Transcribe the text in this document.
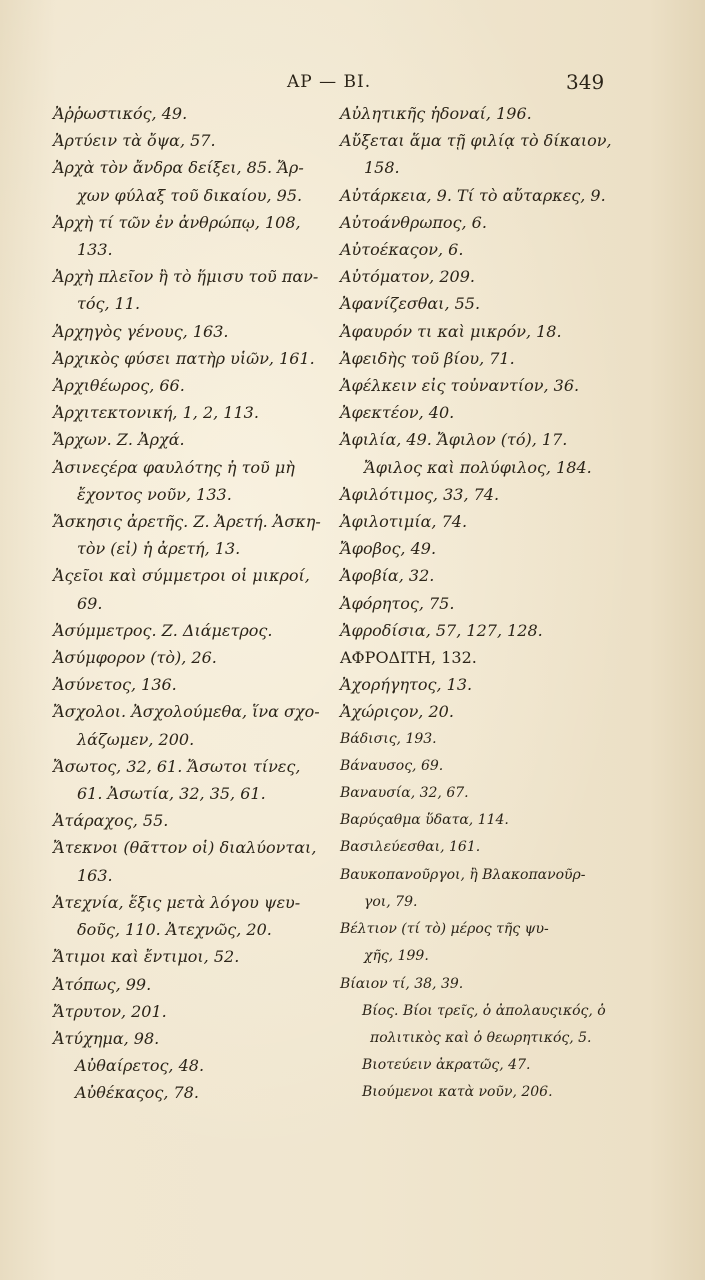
ΑΡ — ΒΙ.	349
Ἀῤῥωστικός, 49.
Ἀρτύειν τὰ ὄψα, 57.
Ἀρχὰ τὸν ἄνδρα δείξει, 85. Ἄρ-
χων φύλαξ τοῦ δικαίου, 95.
Ἀρχὴ τί τῶν ἐν ἀνθρώπῳ, 108,
133.
Ἀρχὴ πλεῖον ἢ τὸ ἥμισυ τοῦ παν-
τός, 11.
Ἀρχηγὸς γένους, 163.
Ἀρχικὸς φύσει πατὴρ υἱῶν, 161.
Ἀρχιθέωρος, 66.
Ἀρχιτεκτονική, 1, 2, 113.
Ἄρχων. Ζ. Ἀρχά.
Ἀσινεςέρα φαυλότης ἡ τοῦ μὴ
ἔχοντος νοῦν, 133.
Ἄσκησις ἀρετῆς. Ζ. Ἀρετή. Ἀσκη-
τὸν (εἰ) ἡ ἀρετή, 13.
Ἀςεῖοι καὶ σύμμετροι οἱ μικροί,
69.
Ἀσύμμετρος. Ζ. Διάμετρος.
Ἀσύμφορον (τὸ), 26.
Ἀσύνετος, 136.
Ἄσχολοι. Ἀσχολούμεθα, ἵνα σχο-
λάζωμεν, 200.
Ἄσωτος, 32, 61. Ἄσωτοι τίνες,
61. Ἀσωτία, 32, 35, 61.
Ἀτάραχος, 55.
Ἄτεκνοι (θᾶττον οἱ) διαλύονται,
163.
Ἀτεχνία, ἕξις μετὰ λόγου ψευ-
δοῦς, 110. Ἀτεχνῶς, 20.
Ἄτιμοι καὶ ἔντιμοι, 52.
Ἀτόπως, 99.
Ἄτρυτον, 201.
Ἀτύχημα, 98.
Αὐθαίρετος, 48.
Αὐθέκαςος, 78.
Αὐλητικῆς ἡδοναί, 196.
Αὔξεται ἅμα τῇ φιλίᾳ τὸ δίκαιον,
158.
Αὐτάρκεια, 9. Τί τὸ αὔταρκες, 9.
Αὐτοάνθρωπος, 6.
Αὐτοέκαςον, 6.
Αὐτόματον, 209.
Ἀφανίζεσθαι, 55.
Ἀφαυρόν τι καὶ μικρόν, 18.
Ἀφειδὴς τοῦ βίου, 71.
Ἀφέλκειν εἰς τοὐναντίον, 36.
Ἀφεκτέον, 40.
Ἀφιλία, 49. Ἄφιλον (τό), 17.
Ἄφιλος καὶ πολύφιλος, 184.
Ἀφιλότιμος, 33, 74.
Ἀφιλοτιμία, 74.
Ἄφοβος, 49.
Ἀφοβία, 32.
Ἀφόρητος, 75.
Ἀφροδίσια, 57, 127, 128.
ΑΦΡΟΔΙΤΗ, 132.
Ἀχορήγητος, 13.
Ἀχώριςον, 20.
Βάδισις, 193.
Βάναυσος, 69.
Βαναυσία, 32, 67.
Βαρύςαθμα ὕδατα, 114.
Βασιλεύεσθαι, 161.
Βαυκοπανοῦργοι, ἢ Βλακοπανοῦρ-
γοι, 79.
Βέλτιον (τί τὸ) μέρος τῆς ψυ-
χῆς, 199.
Βίαιον τί, 38, 39.
Βίος. Βίοι τρεῖς, ὁ ἀπολαυςικός, ὁ
πολιτικὸς καὶ ὁ θεωρητικός, 5.
Βιοτεύειν ἀκρατῶς, 47.
Βιούμενοι κατὰ νοῦν, 206.
